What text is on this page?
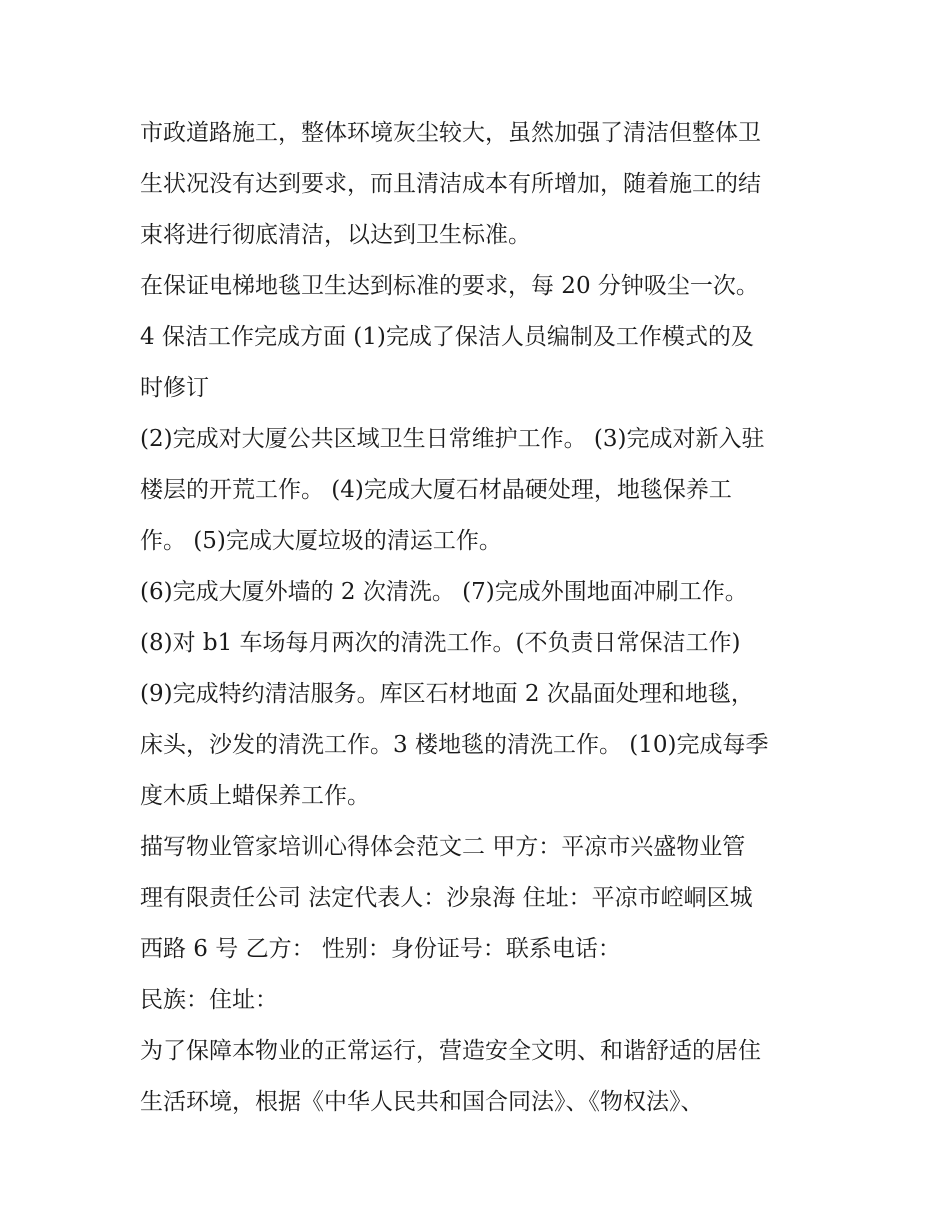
市政道路施工，整体环境灰尘较大，虽然加强了清洁但整体卫
生状况没有达到要求，而且清洁成本有所增加，随着施工的结
束将进行彻底清洁，以达到卫生标准。
在保证电梯地毯卫生达到标准的要求，每 20 分钟吸尘一次。
4 保洁工作完成方面 (1)完成了保洁人员编制及工作模式的及
时修订
(2)完成对大厦公共区域卫生日常维护工作。 (3)完成对新入驻
楼层的开荒工作。 (4)完成大厦石材晶硬处理，地毯保养工
作。 (5)完成大厦垃圾的清运工作。
(6)完成大厦外墙的 2 次清洗。 (7)完成外围地面冲刷工作。
(8)对 b1 车场每月两次的清洗工作。(不负责日常保洁工作)
(9)完成特约清洁服务。库区石材地面 2 次晶面处理和地毯，
床头，沙发的清洗工作。3 楼地毯的清洗工作。 (10)完成每季
度木质上蜡保养工作。
描写物业管家培训心得体会范文二 甲方：平凉市兴盛物业管
理有限责任公司 法定代表人：沙泉海 住址：平凉市崆峒区城
西路 6 号 乙方： 性别：身份证号：联系电话：
民族：住址：
为了保障本物业的正常运行，营造安全文明、和谐舒适的居住
生活环境，根据《中华人民共和国合同法》、《物权法》、
